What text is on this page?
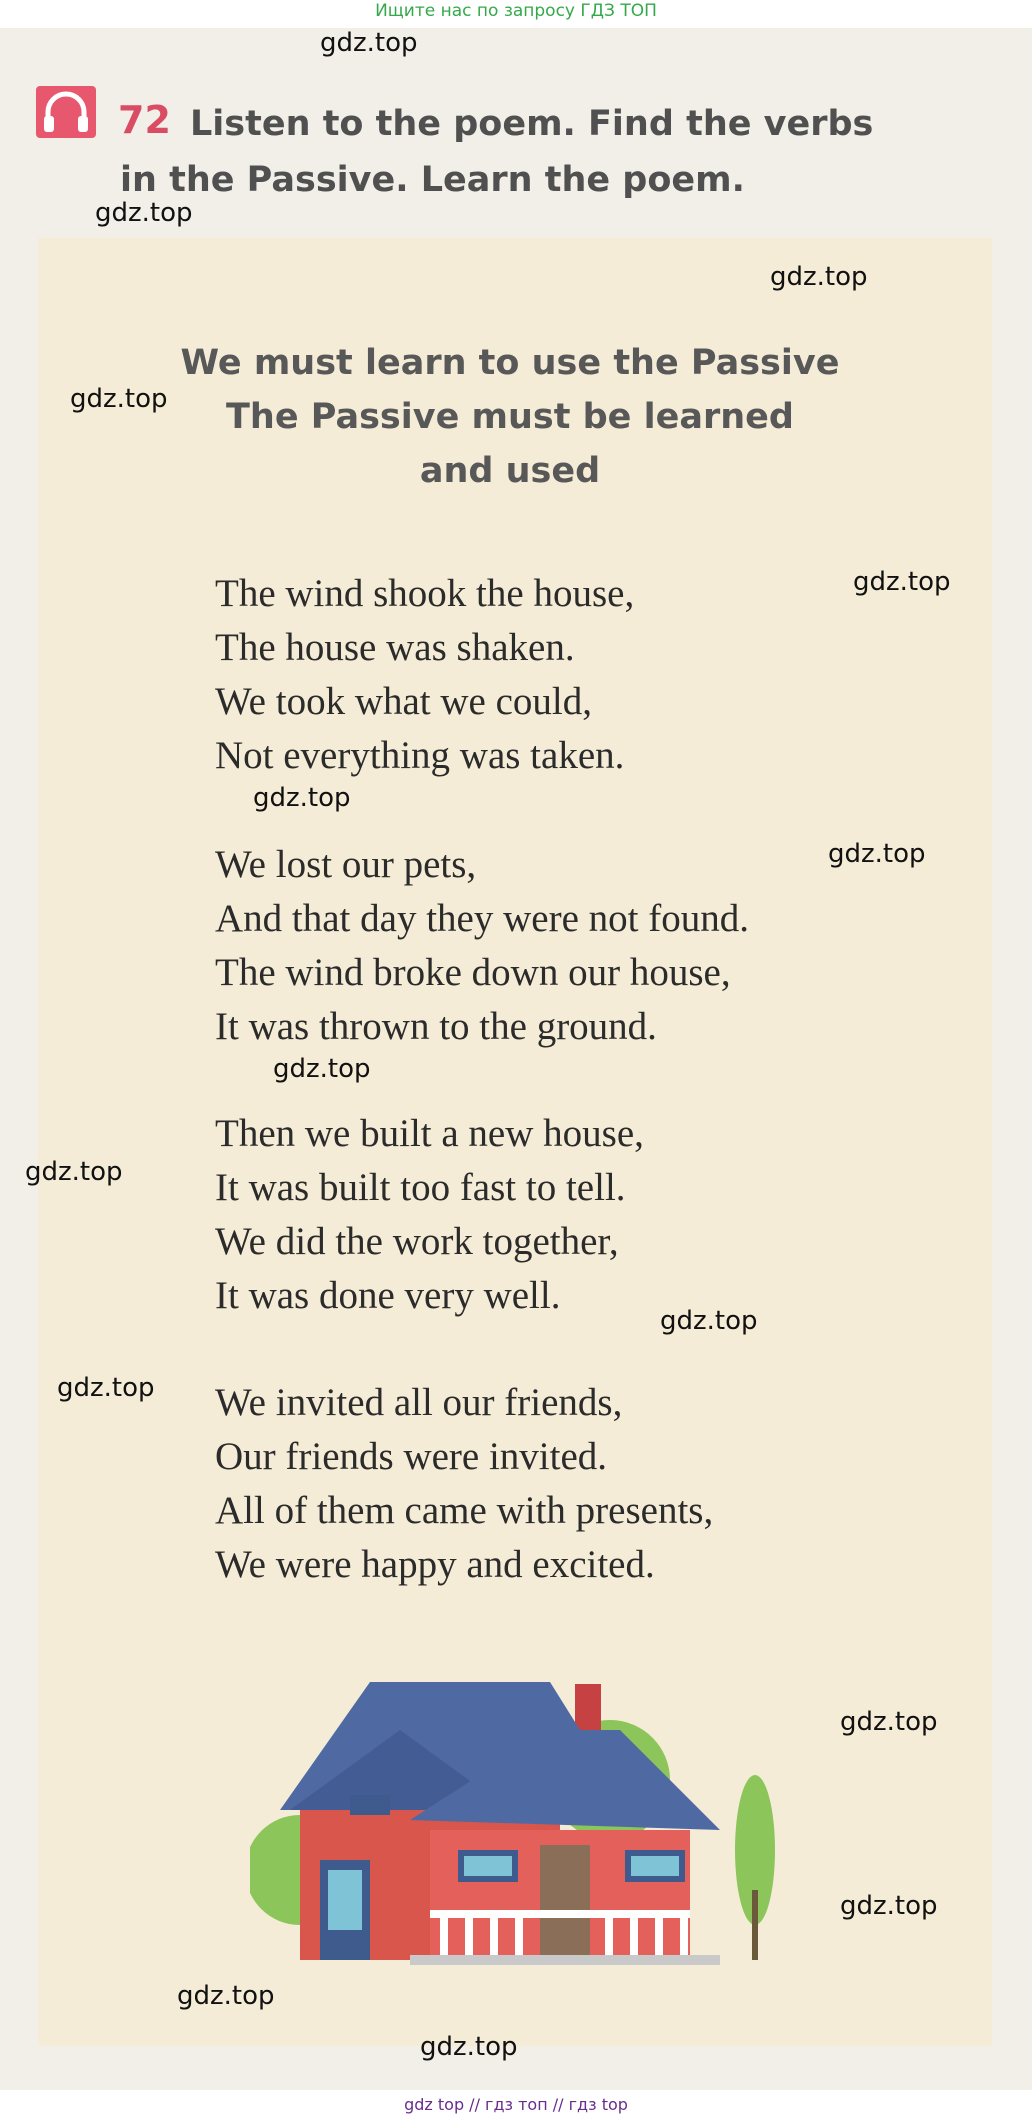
Ищите нас по запросу ГДЗ ТОП
72 Listen to the poem. Find the verbs
in the Passive. Learn the poem.
We must learn to use the Passive
The Passive must be learned
and used
The wind shook the house,
The house was shaken.
We took what we could,
Not everything was taken.
We lost our pets,
And that day they were not found.
The wind broke down our house,
It was thrown to the ground.
Then we built a new house,
It was built too fast to tell.
We did the work together,
It was done very well.
We invited all our friends,
Our friends were invited.
All of them came with presents,
We were happy and excited.
gdz.top
gdz.top
gdz.top
gdz.top
gdz.top
gdz.top
gdz.top
gdz.top
gdz.top
gdz.top
gdz.top
gdz.top
gdz.top
gdz.top
gdz.top
gdz top // гдз топ // гдз top
